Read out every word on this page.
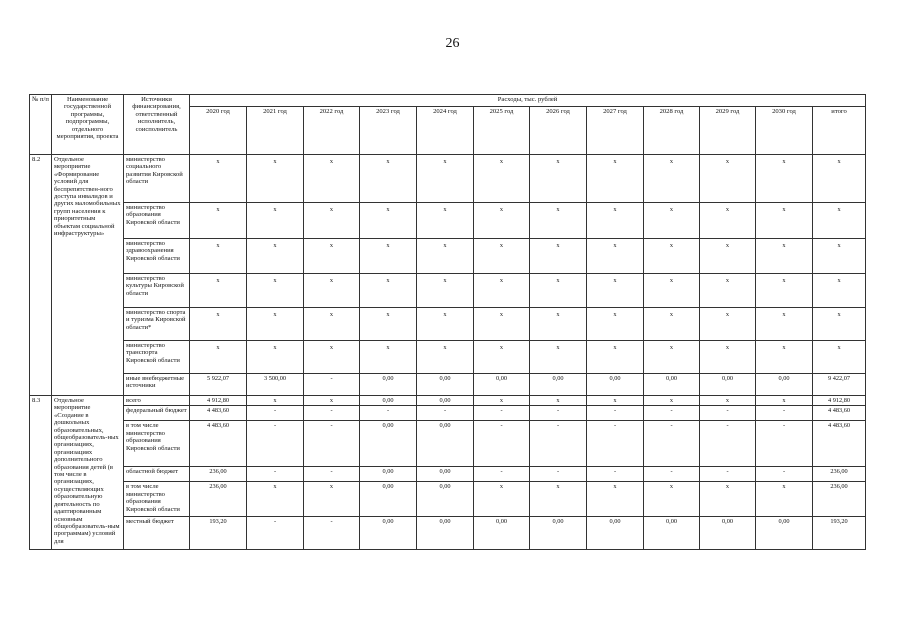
26
№ п/п	Наименование государственной программы, подпрограммы, отдельного мероприятия, проекта	Источники финансирования, ответственный исполнитель, соисполнитель	Расходы, тыс. рублей											
			2020 год	2021 год	2022 год	2023 год	2024 год	2025 год	2026 год	2027 год	2028 год	2029 год	2030 год	итого
8.2	Отдельное мероприятие «Формирование условий для беспрепятствен-ного доступа инвалидов и других маломобильных групп населения к приоритетным объектам социальной инфраструктуры»	министерство социального развития Кировской области	x	x	x	x	x	x	x	x	x	x	x	x
		министерство образования Кировской области	x	x	x	x	x	x	x	x	x	x	x	x
		министерство здравоохранения Кировской области	x	x	x	x	x	x	x	x	x	x	x	x
		министерство культуры Кировской области	x	x	x	x	x	x	x	x	x	x	x	x
		министерство спорта и туризма Кировской области*	x	x	x	x	x	x	x	x	x	x	x	x
		министерство транспорта Кировской области	x	x	x	x	x	x	x	x	x	x	x	x
		иные внебюджетные источники	5 922,07	3 500,00	-	0,00	0,00	0,00	0,00	0,00	0,00	0,00	0,00	9 422,07
8.3	Отдельное мероприятие «Создание в дошкольных образовательных, общеобразователь-ных организациях, организациях дополнительного образования детей (в том числе в организациях, осуществляющих образовательную деятельность по адаптированным основным общеобразователь-ным программам) условий для	всего	4 912,80	x	x	0,00	0,00	x	x	x	x	x	x	4 912,80
		федеральный бюджет	4 483,60	-	-	-	-	-	-	-	-	-	-	4 483,60
		в том числе министерство образования Кировской области	4 483,60	-	-	0,00	0,00	-	-	-	-	-	-	4 483,60
		областной бюджет	236,00	-	-	0,00	0,00	-	-	-	-	-	-	236,00
		в том числе министерство образования Кировской области	236,00	x	x	0,00	0,00	x	x	x	x	x	x	236,00
		местный бюджет	193,20	-	-	0,00	0,00	0,00	0,00	0,00	0,00	0,00	0,00	193,20
